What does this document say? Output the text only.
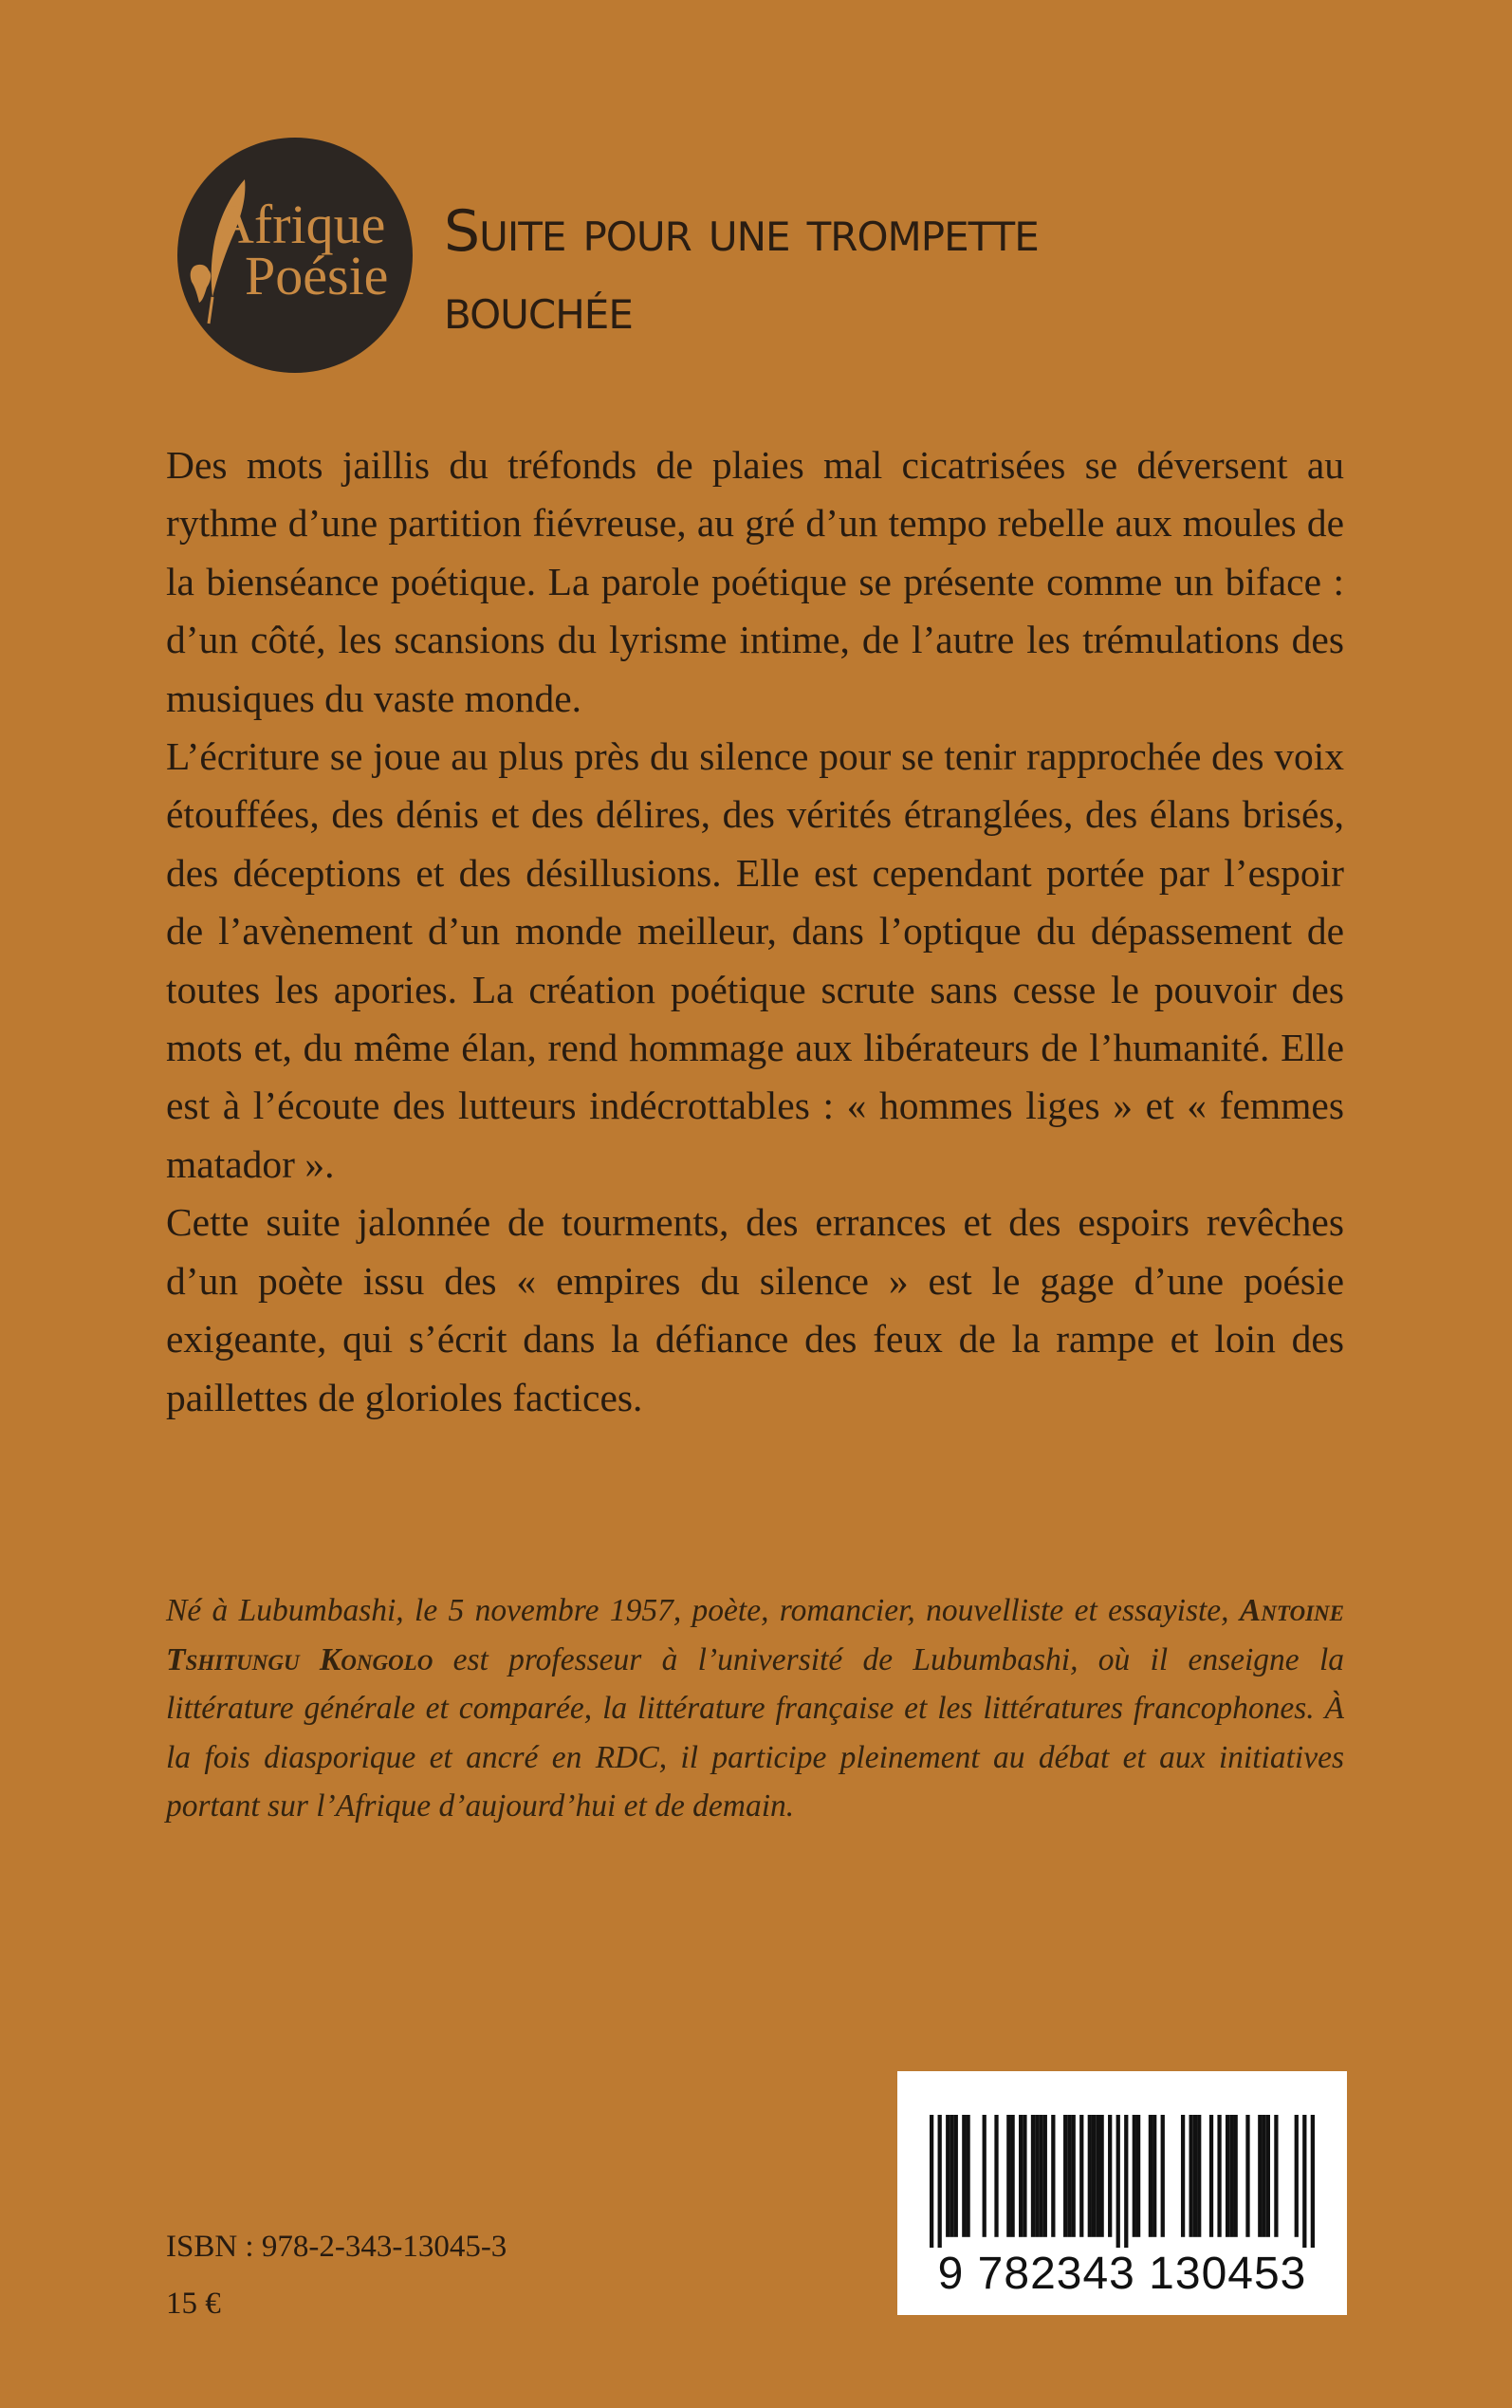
Afrique
Poésie
Suite pour une trompette
bouchée

Des mots jaillis du tréfonds de plaies mal cicatrisées se déversent au rythme d’une partition fiévreuse, au gré d’un tempo rebelle aux moules de la bienséance poétique. La parole poétique se présente comme un biface : d’un côté, les scansions du lyrisme intime, de l’autre les trémulations des musiques du vaste monde.

L’écriture se joue au plus près du silence pour se tenir rapprochée des voix étouffées, des dénis et des délires, des vérités étranglées, des élans brisés, des déceptions et des désillusions. Elle est cependant portée par l’espoir de l’avènement d’un monde meilleur, dans l’optique du dépassement de toutes les apories. La création poétique scrute sans cesse le pouvoir des mots et, du même élan, rend hommage aux libérateurs de l’humanité. Elle est à l’écoute des lutteurs indécrottables : « hommes liges » et « femmes matador ».

Cette suite jalonnée de tourments, des errances et des espoirs revêches d’un poète issu des « empires du silence » est le gage d’une poésie exigeante, qui s’écrit dans la défiance des feux de la rampe et loin des paillettes de glorioles factices.

Né à Lubumbashi, le 5 novembre 1957, poète, romancier, nouvelliste et essayiste, Antoine Tshitungu Kongolo est professeur à l’université de Lubumbashi, où il enseigne la littérature générale et comparée, la littérature française et les littératures francophones. À la fois diasporique et ancré en RDC, il participe pleinement au débat et aux initiatives portant sur l’Afrique d’aujourd’hui et de demain.
ISBN : 978-2-343-13045-3
15 €
9 782343 130453
